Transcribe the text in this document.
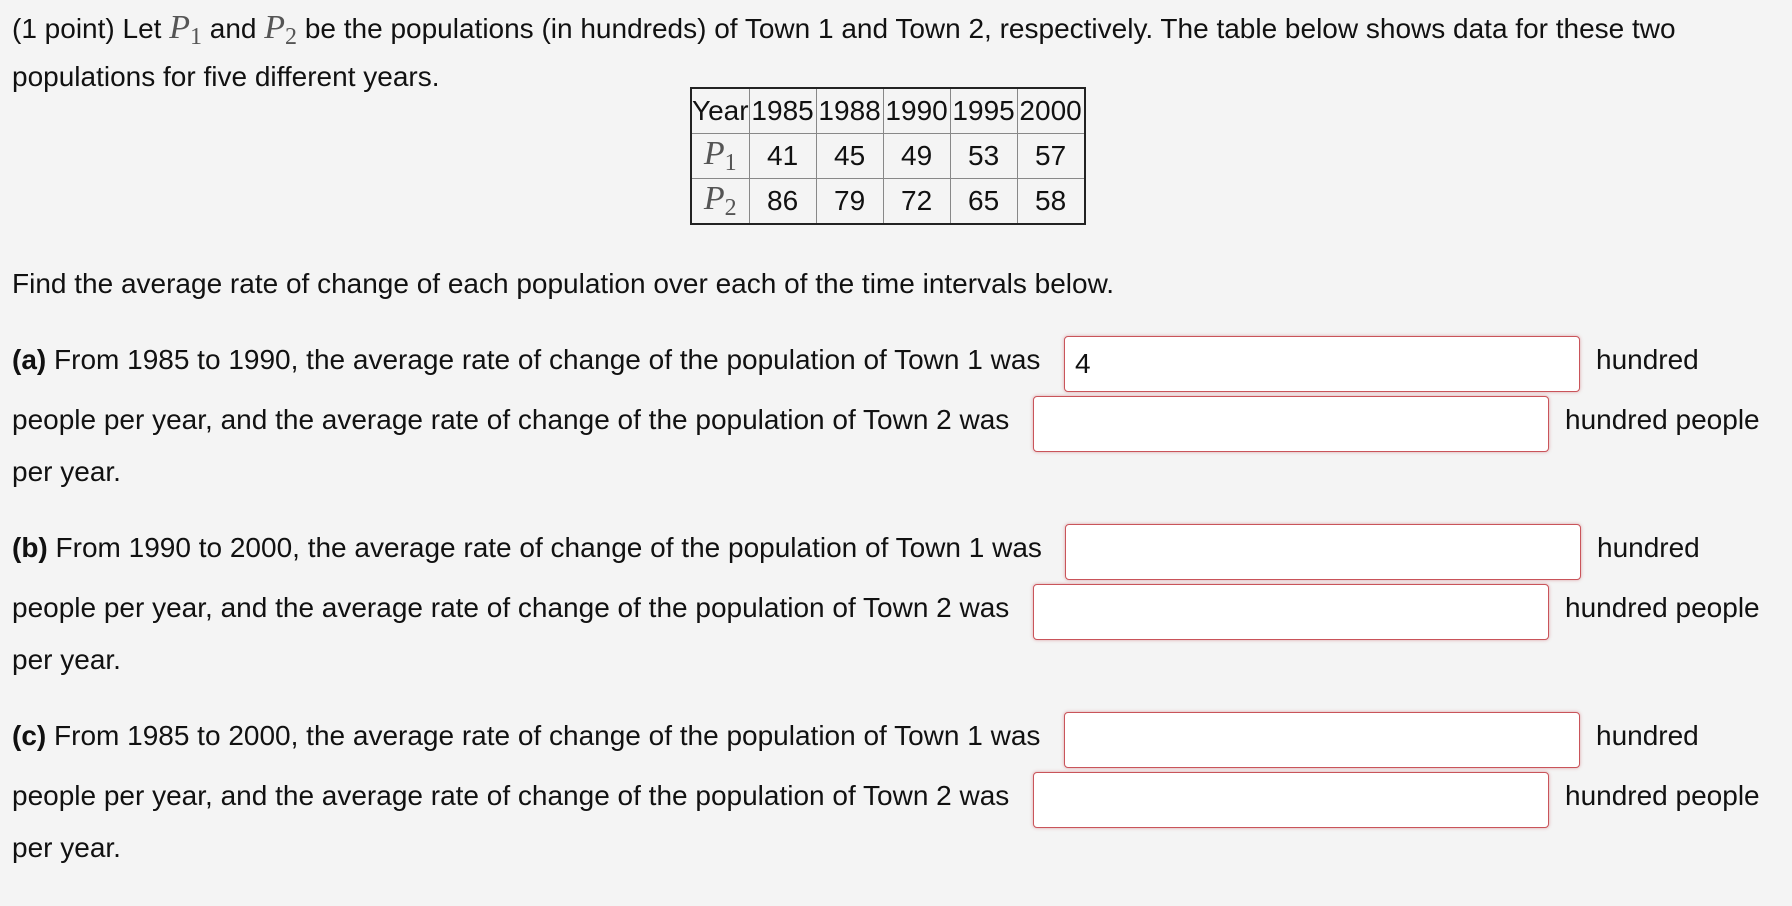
(1 point) Let $P_1$ and $P_2$ be the populations (in hundreds) of Town 1 and Town 2, respectively. The table below shows data for these two populations for five different years.
Year	1985	1988	1990	1995	2000
$P_1$	41	45	49	53	57
$P_2$	86	79	72	65	58
Find the average rate of change of each population over each of the time intervals below.
(a) From 1985 to 1990, the average rate of change of the population of Town 1 was
4	hundred
people per year, and the average rate of change of the population of Town 2 was	hundred people
per year.
(b) From 1990 to 2000, the average rate of change of the population of Town 1 was	hundred
people per year, and the average rate of change of the population of Town 2 was	hundred people
per year.
(c) From 1985 to 2000, the average rate of change of the population of Town 1 was	hundred
people per year, and the average rate of change of the population of Town 2 was	hundred people
per year.
